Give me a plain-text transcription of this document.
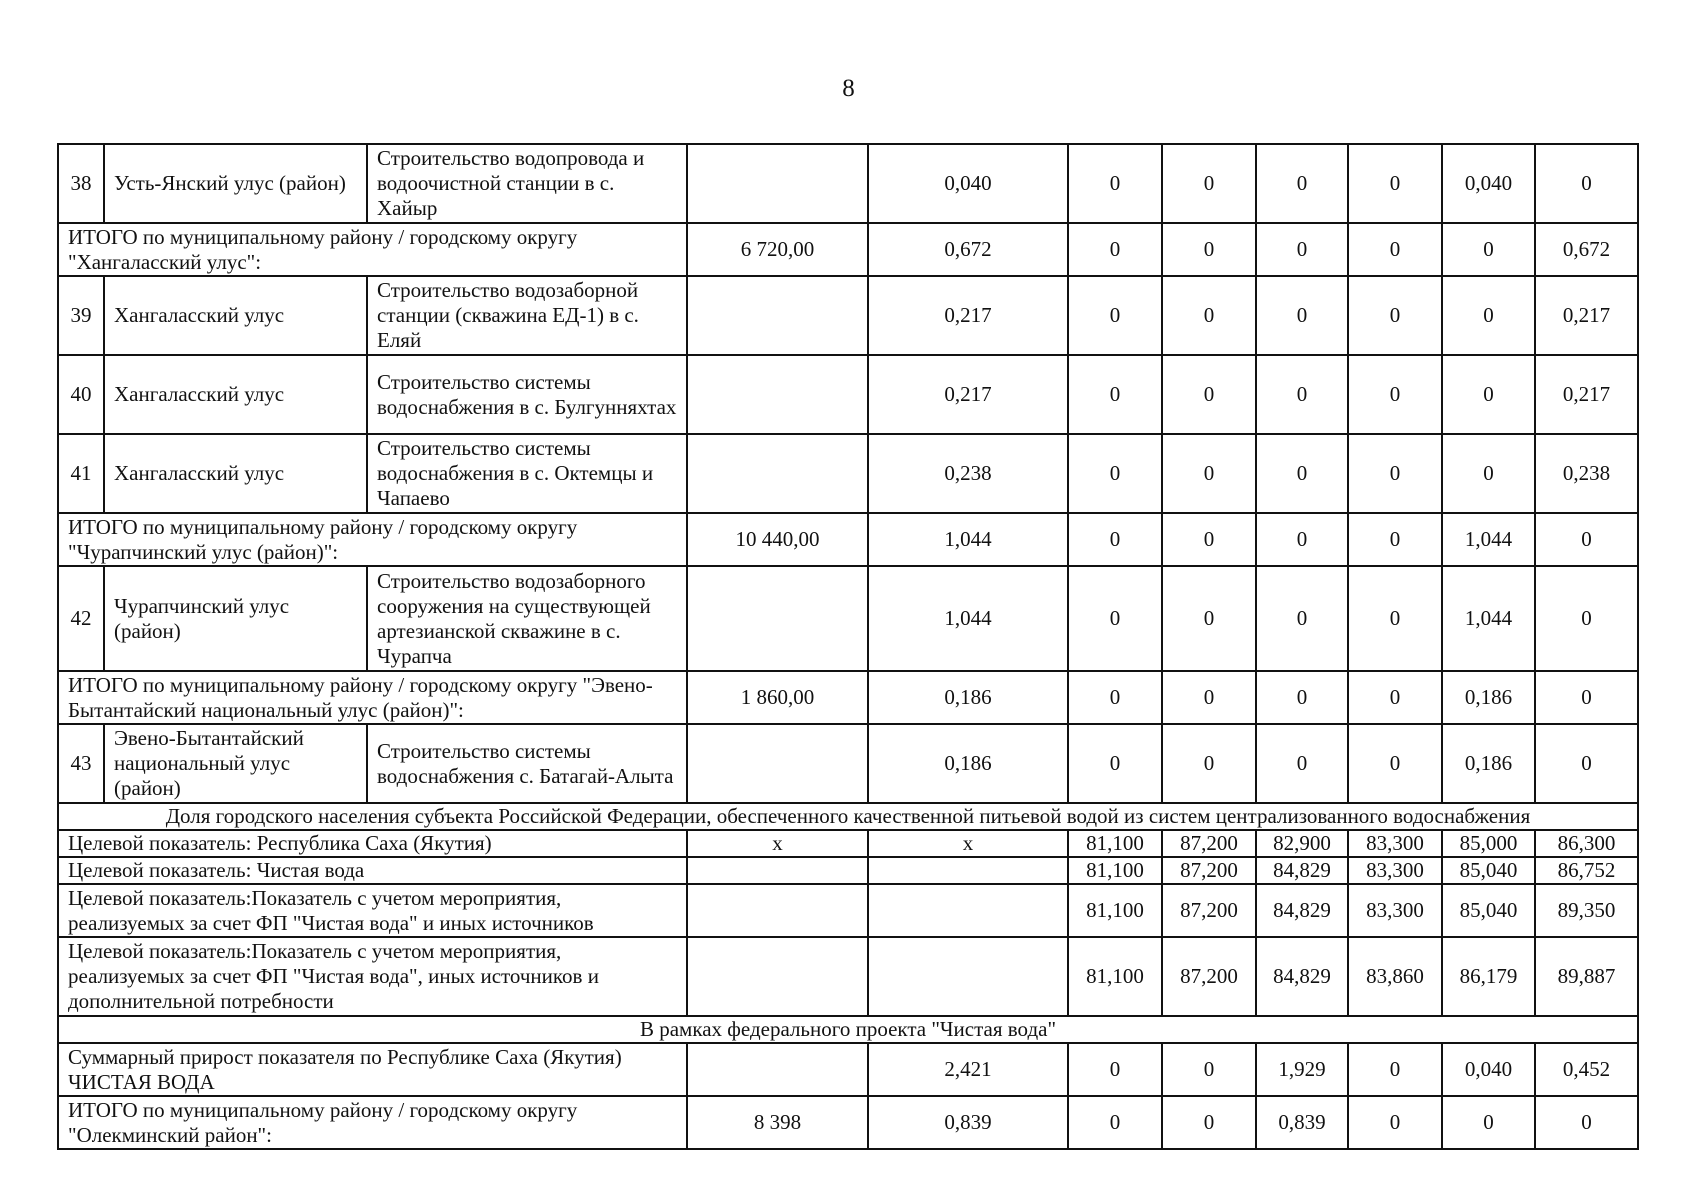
8
38	Усть-Янский улус (район)	Строительство водопровода и водоочистной станции в с. Хайыр		0,040	0	0	0	0	0,040	0
ИТОГО по муниципальному району / городскому округу "Хангаласский улус":			6 720,00	0,672	0	0	0	0	0	0,672
39	Хангаласский улус	Строительство водозаборной станции (скважина ЕД-1) в с. Еляй		0,217	0	0	0	0	0	0,217
40	Хангаласский улус	Строительство системы водоснабжения в с. Булгунняхтах		0,217	0	0	0	0	0	0,217
41	Хангаласский улус	Строительство системы водоснабжения в с. Октемцы и Чапаево		0,238	0	0	0	0	0	0,238
ИТОГО по муниципальному району / городскому округу "Чурапчинский улус (район)":			10 440,00	1,044	0	0	0	0	1,044	0
42	Чурапчинский улус (район)	Строительство водозаборного сооружения на существующей артезианской скважине в с. Чурапча		1,044	0	0	0	0	1,044	0
ИТОГО по муниципальному району / городскому округу "Эвено-Бытантайский национальный улус (район)":			1 860,00	0,186	0	0	0	0	0,186	0
43	Эвено-Бытантайский национальный улус (район)	Строительство системы водоснабжения с. Батагай-Алыта		0,186	0	0	0	0	0,186	0
Доля городского населения субъекта Российской Федерации, обеспеченного качественной питьевой водой из систем централизованного водоснабжения										
Целевой показатель: Республика Саха (Якутия)			х	х	81,100	87,200	82,900	83,300	85,000	86,300
Целевой показатель: Чистая вода					81,100	87,200	84,829	83,300	85,040	86,752
Целевой показатель:Показатель с учетом мероприятия, реализуемых за счет ФП "Чистая вода" и иных источников					81,100	87,200	84,829	83,300	85,040	89,350
Целевой показатель:Показатель с учетом мероприятия, реализуемых за счет ФП "Чистая вода", иных источников и дополнительной потребности					81,100	87,200	84,829	83,860	86,179	89,887
В рамках федерального проекта "Чистая вода"										
Суммарный прирост показателя по Республике Саха (Якутия) ЧИСТАЯ ВОДА				2,421	0	0	1,929	0	0,040	0,452
ИТОГО по муниципальному району / городскому округу "Олекминский район":			8 398	0,839	0	0	0,839	0	0	0
